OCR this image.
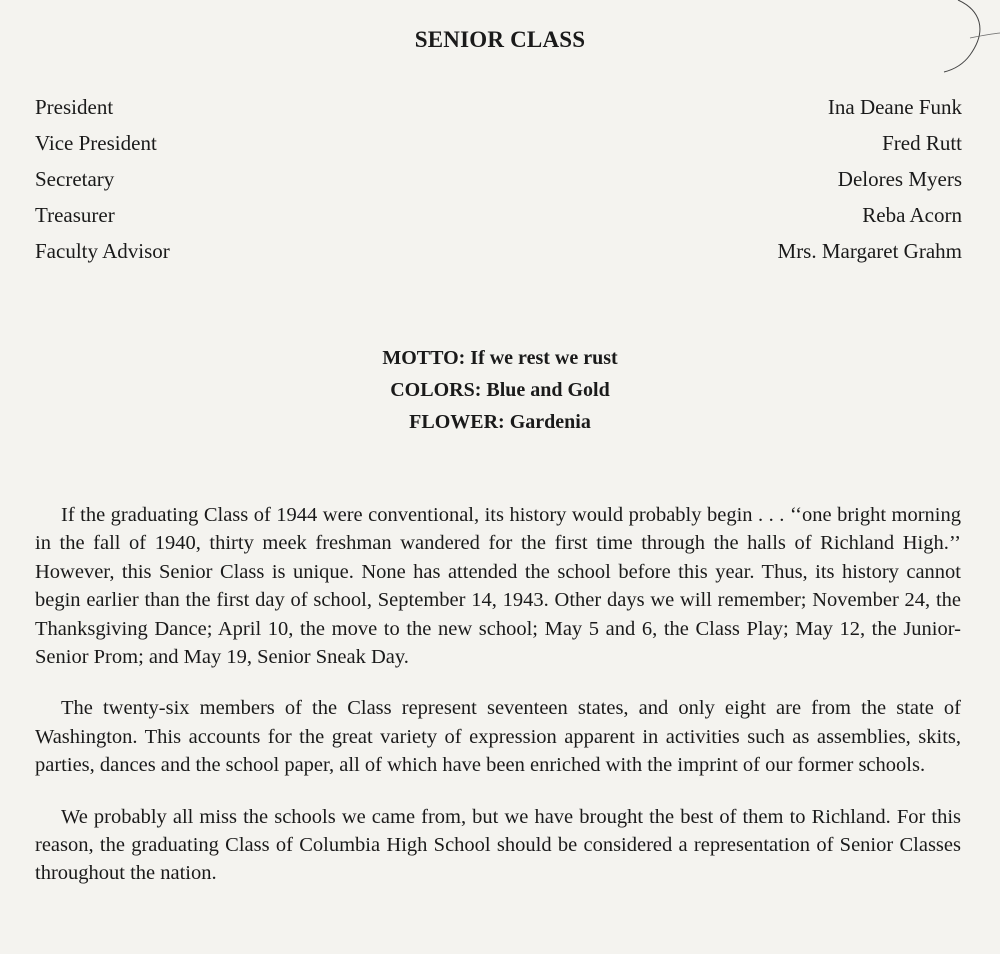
SENIOR CLASS
President	Ina Deane Funk
Vice President	Fred Rutt
Secretary	Delores Myers
Treasurer	Reba Acorn
Faculty Advisor	Mrs. Margaret Grahm
MOTTO: If we rest we rust
COLORS: Blue and Gold
FLOWER: Gardenia

If the graduating Class of 1944 were conventional, its history would probably begin . . . ‘‘one bright morning in the fall of 1940, thirty meek freshman wandered for the first time through the halls of Richland High.’’ However, this Senior Class is unique. None has attended the school before this year. Thus, its history cannot begin earlier than the first day of school, September 14, 1943. Other days we will remember; November 24, the Thanksgiving Dance; April 10, the move to the new school; May 5 and 6, the Class Play; May 12, the Junior-Senior Prom; and May 19, Senior Sneak Day.

The twenty-six members of the Class represent seventeen states, and only eight are from the state of Washington. This accounts for the great variety of expression apparent in activities such as assemblies, skits, parties, dances and the school paper, all of which have been enriched with the imprint of our former schools.

We probably all miss the schools we came from, but we have brought the best of them to Richland. For this reason, the graduating Class of Columbia High School should be considered a representation of Senior Classes throughout the nation.
